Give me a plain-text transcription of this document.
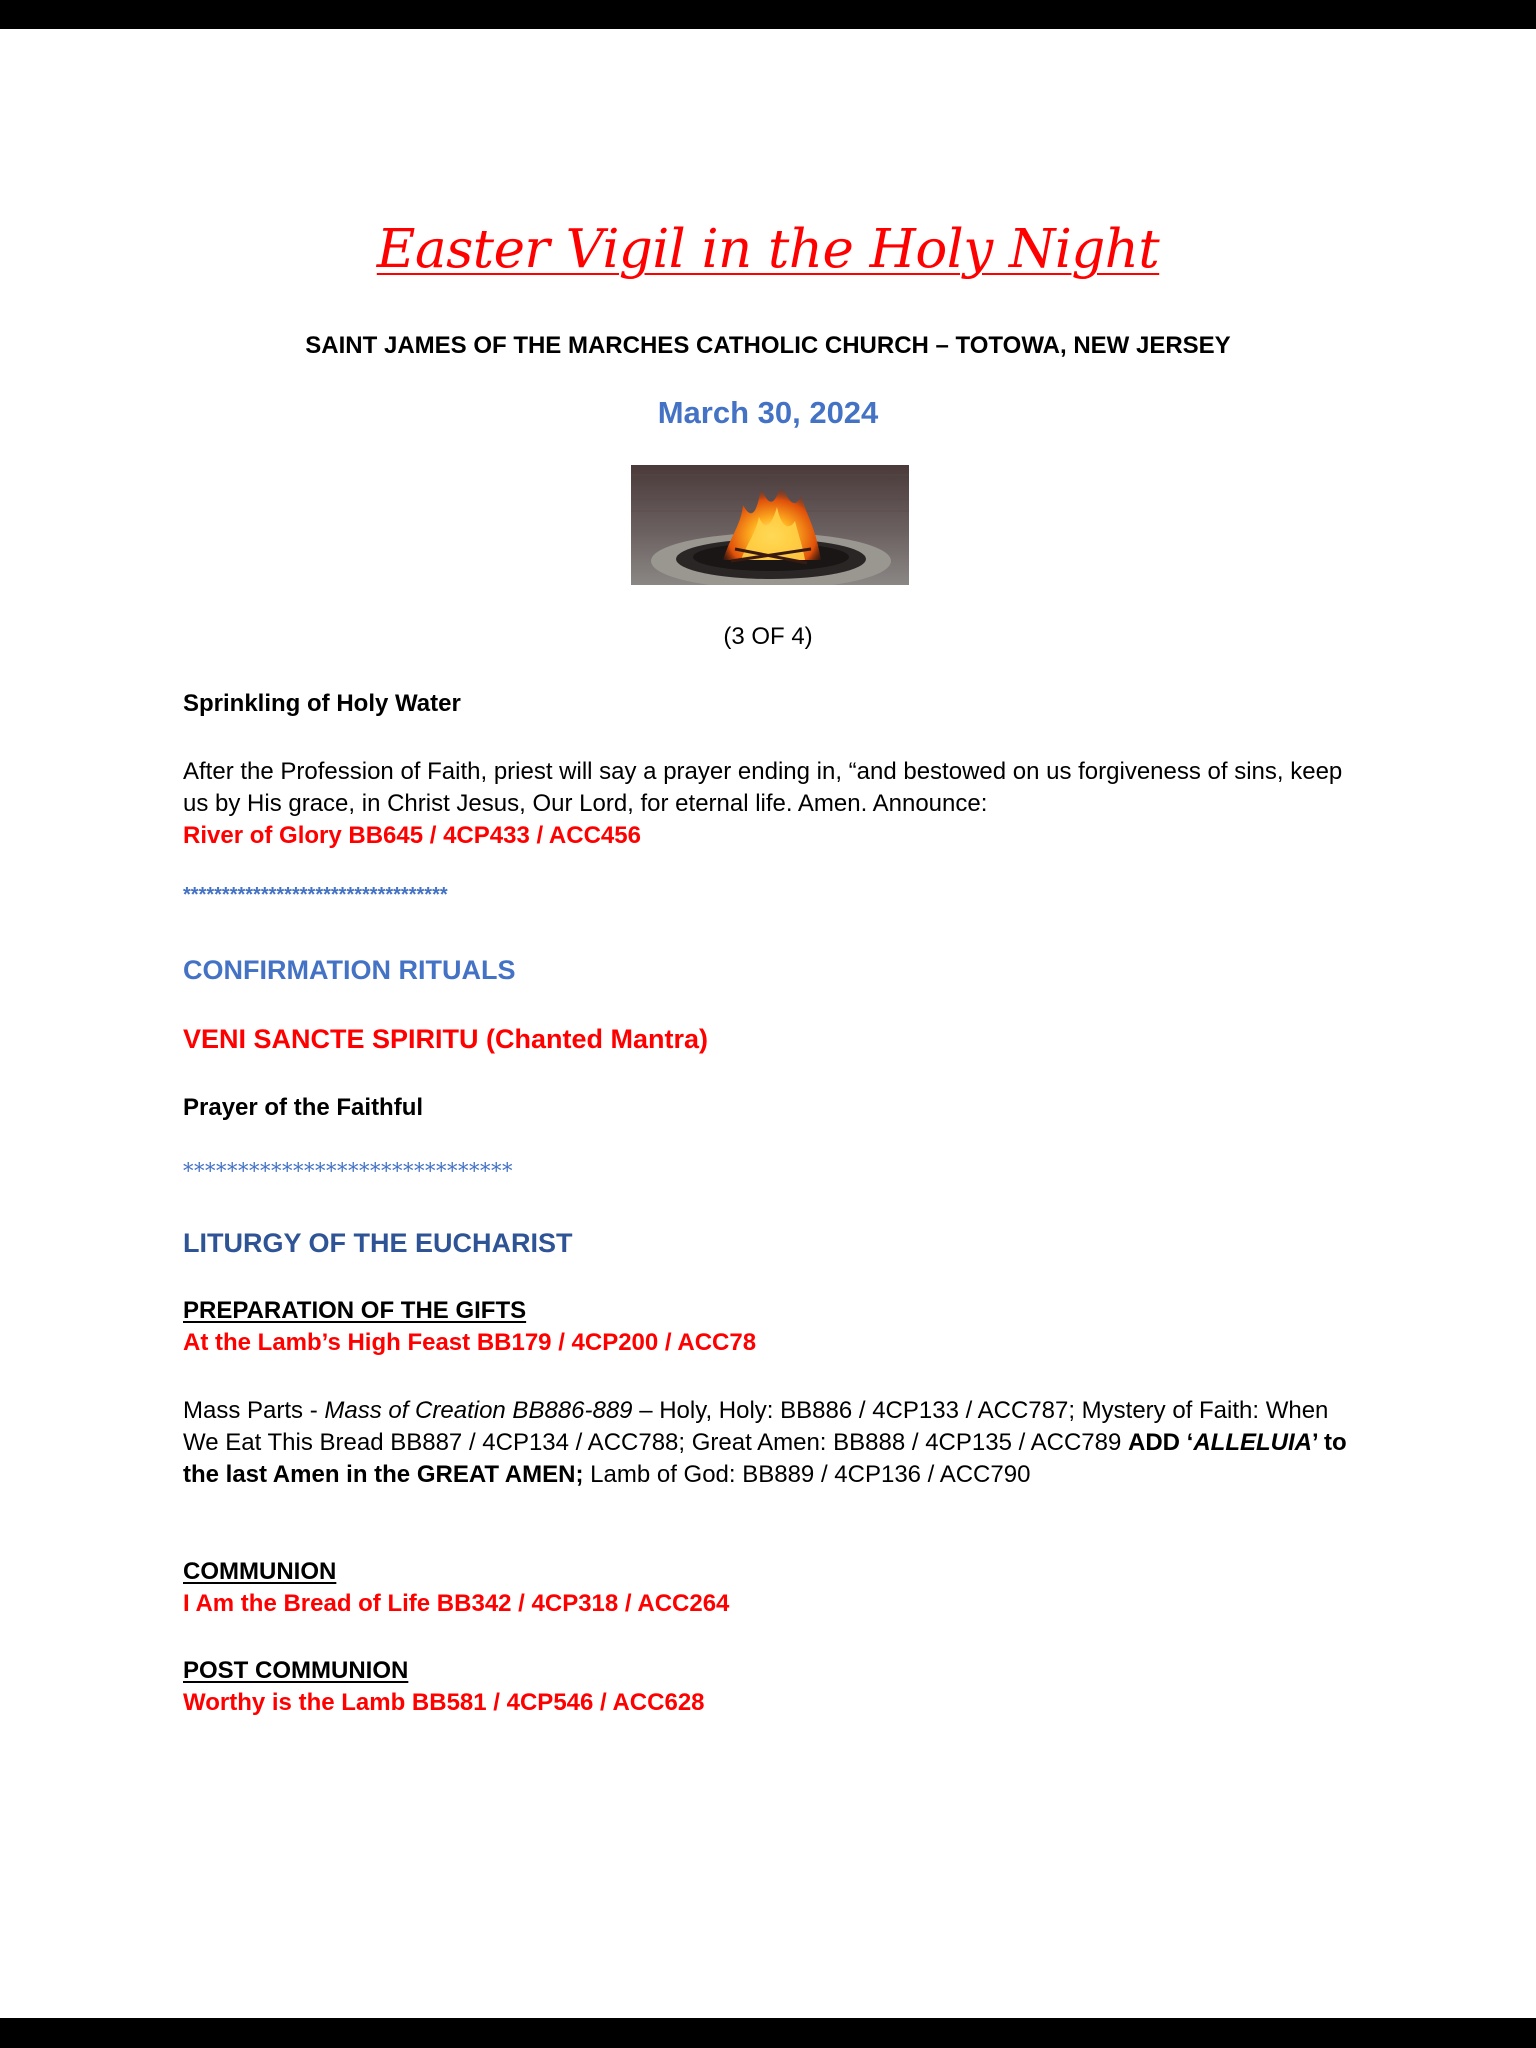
Easter Vigil in the Holy Night
SAINT JAMES OF THE MARCHES CATHOLIC CHURCH – TOTOWA, NEW JERSEY
March 30, 2024
(3 OF 4)
Sprinkling of Holy Water
After the Profession of Faith, priest will say a prayer ending in, “and bestowed on us forgiveness of sins, keep us by His grace, in Christ Jesus, Our Lord, for eternal life. Amen. Announce:
River of Glory BB645 / 4CP433 / ACC456
**********************************
CONFIRMATION RITUALS
VENI SANCTE SPIRITU (Chanted Mantra)
Prayer of the Faithful
******************************
LITURGY OF THE EUCHARIST
PREPARATION OF THE GIFTS
At the Lamb’s High Feast BB179 / 4CP200 / ACC78
Mass Parts - Mass of Creation BB886-889 – Holy, Holy: BB886 / 4CP133 / ACC787; Mystery of Faith: When We Eat This Bread BB887 / 4CP134 / ACC788; Great Amen: BB888 / 4CP135 / ACC789 ADD ‘ALLELUIA’ to the last Amen in the GREAT AMEN; Lamb of God: BB889 / 4CP136 / ACC790
COMMUNION
I Am the Bread of Life BB342 / 4CP318 / ACC264
POST COMMUNION
Worthy is the Lamb BB581 / 4CP546 / ACC628
